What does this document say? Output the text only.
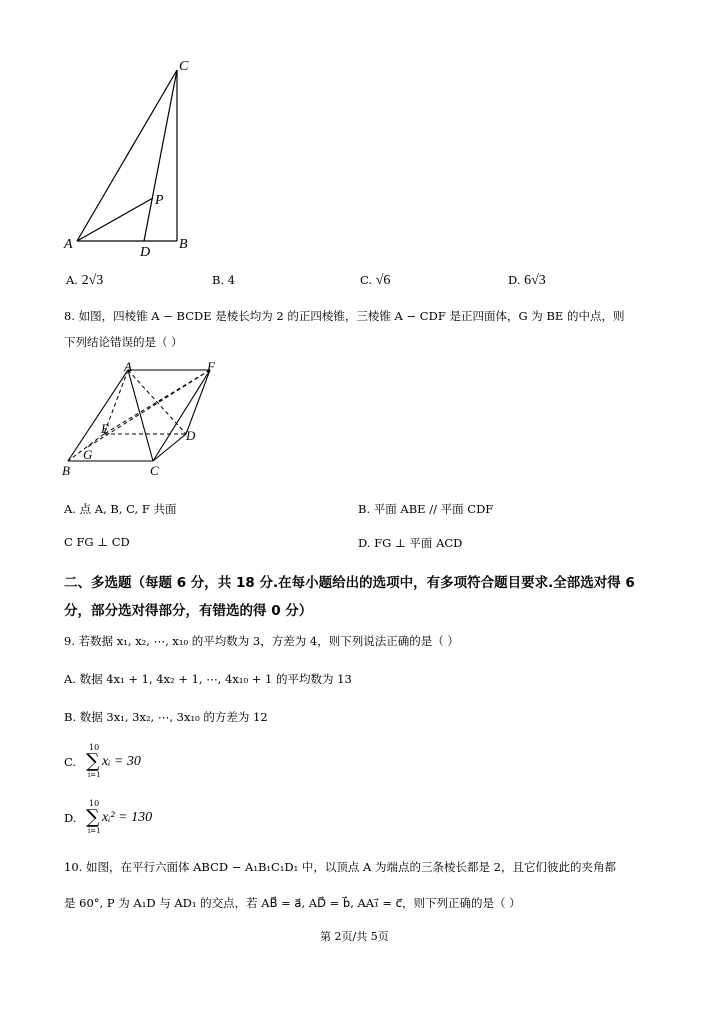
C
P
A
D
B
A. 2√3	B. 4	C. √6	D. 6√3
8. 如图，四棱锥 A − BCDE 是棱长均为 2 的正四棱锥，三棱锥 A − CDF 是正四面体，G 为 BE 的中点，则
下列结论错误的是（ ）
A	F
E	D
G
B	C
A. 点 A, B, C, F 共面	B. 平面 ABE // 平面 CDF
C FG ⊥ CD	D. FG ⊥ 平面 ACD
二、多选题（每题 6 分，共 18 分.在每小题给出的选项中，有多项符合题目要求.全部选对得 6
分，部分选对得部分，有错选的得 0 分）
9. 若数据 x₁, x₂, ⋯, x₁₀ 的平均数为 3，方差为 4，则下列说法正确的是（ ）
A. 数据 4x₁ + 1, 4x₂ + 1, ⋯, 4x₁₀ + 1 的平均数为 13
B. 数据 3x₁, 3x₂, ⋯, 3x₁₀ 的方差为 12
C.
10
∑
i=1
xᵢ = 30
D.
10
∑
i=1
xᵢ² = 130
10. 如图，在平行六面体 ABCD − A₁B₁C₁D₁ 中，以顶点 A 为端点的三条棱长都是 2，且它们彼此的夹角都
是 60°, P 为 A₁D 与 AD₁ 的交点，若 AB⃗ = a⃗, AD⃗ = b⃗, AA₁⃗ = c⃗，则下列正确的是（ ）
第 2页/共 5页
